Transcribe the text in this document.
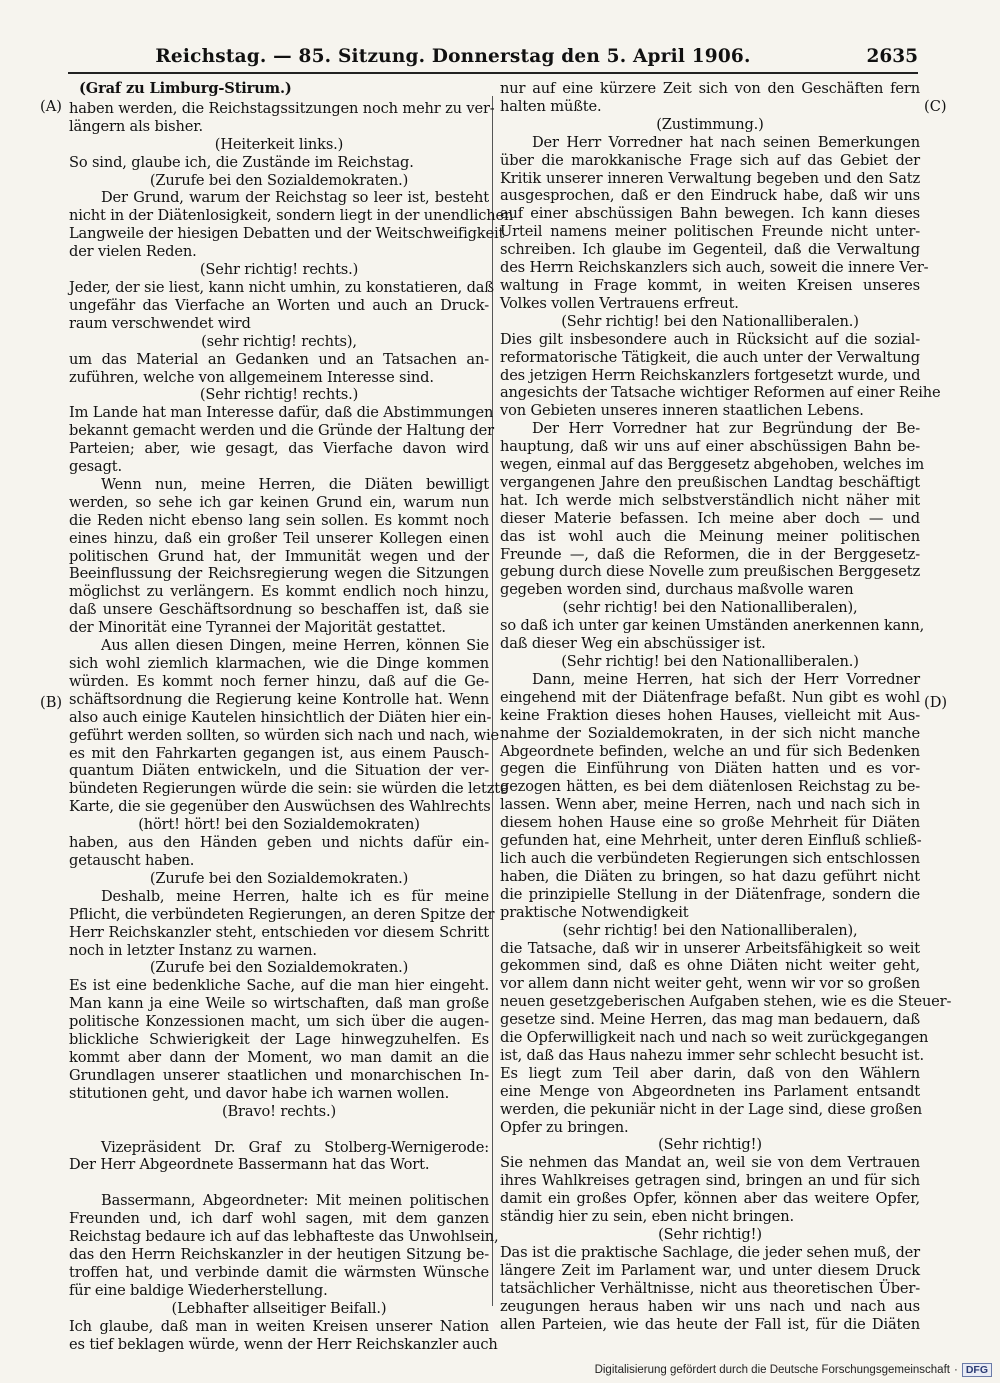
Reichstag. — 85. Sitzung. Donnerstag den 5. April 1906.	2635
(A)
(B)
(C)
(D)

(Graf zu Limburg-Stirum.)

haben werden, die Reichstagssitzungen noch mehr zu ver-

längern als bisher.

(Heiterkeit links.)

So sind, glaube ich, die Zustände im Reichstag.

(Zurufe bei den Sozialdemokraten.)

Der Grund, warum der Reichstag so leer ist, besteht

nicht in der Diätenlosigkeit, sondern liegt in der unendlichen

Langweile der hiesigen Debatten und der Weitschweifigkeit

der vielen Reden.

(Sehr richtig! rechts.)

Jeder, der sie liest, kann nicht umhin, zu konstatieren, daß

ungefähr das Vierfache an Worten und auch an Druck-

raum verschwendet wird

(sehr richtig! rechts),

um das Material an Gedanken und an Tatsachen an-

zuführen, welche von allgemeinem Interesse sind.

(Sehr richtig! rechts.)

Im Lande hat man Interesse dafür, daß die Abstimmungen

bekannt gemacht werden und die Gründe der Haltung der

Parteien; aber, wie gesagt, das Vierfache davon wird

gesagt.

Wenn nun, meine Herren, die Diäten bewilligt

werden, so sehe ich gar keinen Grund ein, warum nun

die Reden nicht ebenso lang sein sollen. Es kommt noch

eines hinzu, daß ein großer Teil unserer Kollegen einen

politischen Grund hat, der Immunität wegen und der

Beeinflussung der Reichsregierung wegen die Sitzungen

möglichst zu verlängern. Es kommt endlich noch hinzu,

daß unsere Geschäftsordnung so beschaffen ist, daß sie

der Minorität eine Tyrannei der Majorität gestattet.

Aus allen diesen Dingen, meine Herren, können Sie

sich wohl ziemlich klarmachen, wie die Dinge kommen

würden. Es kommt noch ferner hinzu, daß auf die Ge-

schäftsordnung die Regierung keine Kontrolle hat. Wenn

also auch einige Kautelen hinsichtlich der Diäten hier ein-

geführt werden sollten, so würden sich nach und nach, wie

es mit den Fahrkarten gegangen ist, aus einem Pausch-

quantum Diäten entwickeln, und die Situation der ver-

bündeten Regierungen würde die sein: sie würden die letzte

Karte, die sie gegenüber den Auswüchsen des Wahlrechts

(hört! hört! bei den Sozialdemokraten)

haben, aus den Händen geben und nichts dafür ein-

getauscht haben.

(Zurufe bei den Sozialdemokraten.)

Deshalb, meine Herren, halte ich es für meine

Pflicht, die verbündeten Regierungen, an deren Spitze der

Herr Reichskanzler steht, entschieden vor diesem Schritt

noch in letzter Instanz zu warnen.

(Zurufe bei den Sozialdemokraten.)

Es ist eine bedenkliche Sache, auf die man hier eingeht.

Man kann ja eine Weile so wirtschaften, daß man große

politische Konzessionen macht, um sich über die augen-

blickliche Schwierigkeit der Lage hinwegzuhelfen. Es

kommt aber dann der Moment, wo man damit an die

Grundlagen unserer staatlichen und monarchischen In-

stitutionen geht, und davor habe ich warnen wollen.

(Bravo! rechts.)

Vizepräsident Dr. Graf zu Stolberg-Wernigerode:

Der Herr Abgeordnete Bassermann hat das Wort.

Bassermann, Abgeordneter: Mit meinen politischen

Freunden und, ich darf wohl sagen, mit dem ganzen

Reichstag bedaure ich auf das lebhafteste das Unwohlsein,

das den Herrn Reichskanzler in der heutigen Sitzung be-

troffen hat, und verbinde damit die wärmsten Wünsche

für eine baldige Wiederherstellung.

(Lebhafter allseitiger Beifall.)

Ich glaube, daß man in weiten Kreisen unserer Nation

es tief beklagen würde, wenn der Herr Reichskanzler auch

nur auf eine kürzere Zeit sich von den Geschäften fern

halten müßte.

(Zustimmung.)

Der Herr Vorredner hat nach seinen Bemerkungen

über die marokkanische Frage sich auf das Gebiet der

Kritik unserer inneren Verwaltung begeben und den Satz

ausgesprochen, daß er den Eindruck habe, daß wir uns

auf einer abschüssigen Bahn bewegen. Ich kann dieses

Urteil namens meiner politischen Freunde nicht unter-

schreiben. Ich glaube im Gegenteil, daß die Verwaltung

des Herrn Reichskanzlers sich auch, soweit die innere Ver-

waltung in Frage kommt, in weiten Kreisen unseres

Volkes vollen Vertrauens erfreut.

(Sehr richtig! bei den Nationalliberalen.)

Dies gilt insbesondere auch in Rücksicht auf die sozial-

reformatorische Tätigkeit, die auch unter der Verwaltung

des jetzigen Herrn Reichskanzlers fortgesetzt wurde, und

angesichts der Tatsache wichtiger Reformen auf einer Reihe

von Gebieten unseres inneren staatlichen Lebens.

Der Herr Vorredner hat zur Begründung der Be-

hauptung, daß wir uns auf einer abschüssigen Bahn be-

wegen, einmal auf das Berggesetz abgehoben, welches im

vergangenen Jahre den preußischen Landtag beschäftigt

hat. Ich werde mich selbstverständlich nicht näher mit

dieser Materie befassen. Ich meine aber doch — und

das ist wohl auch die Meinung meiner politischen

Freunde —, daß die Reformen, die in der Berggesetz-

gebung durch diese Novelle zum preußischen Berggesetz

gegeben worden sind, durchaus maßvolle waren

(sehr richtig! bei den Nationalliberalen),

so daß ich unter gar keinen Umständen anerkennen kann,

daß dieser Weg ein abschüssiger ist.

(Sehr richtig! bei den Nationalliberalen.)

Dann, meine Herren, hat sich der Herr Vorredner

eingehend mit der Diätenfrage befaßt. Nun gibt es wohl

keine Fraktion dieses hohen Hauses, vielleicht mit Aus-

nahme der Sozialdemokraten, in der sich nicht manche

Abgeordnete befinden, welche an und für sich Bedenken

gegen die Einführung von Diäten hatten und es vor-

gezogen hätten, es bei dem diätenlosen Reichstag zu be-

lassen. Wenn aber, meine Herren, nach und nach sich in

diesem hohen Hause eine so große Mehrheit für Diäten

gefunden hat, eine Mehrheit, unter deren Einfluß schließ-

lich auch die verbündeten Regierungen sich entschlossen

haben, die Diäten zu bringen, so hat dazu geführt nicht

die prinzipielle Stellung in der Diätenfrage, sondern die

praktische Notwendigkeit

(sehr richtig! bei den Nationalliberalen),

die Tatsache, daß wir in unserer Arbeitsfähigkeit so weit

gekommen sind, daß es ohne Diäten nicht weiter geht,

vor allem dann nicht weiter geht, wenn wir vor so großen

neuen gesetzgeberischen Aufgaben stehen, wie es die Steuer-

gesetze sind. Meine Herren, das mag man bedauern, daß

die Opferwilligkeit nach und nach so weit zurückgegangen

ist, daß das Haus nahezu immer sehr schlecht besucht ist.

Es liegt zum Teil aber darin, daß von den Wählern

eine Menge von Abgeordneten ins Parlament entsandt

werden, die pekuniär nicht in der Lage sind, diese großen

Opfer zu bringen.

(Sehr richtig!)

Sie nehmen das Mandat an, weil sie von dem Vertrauen

ihres Wahlkreises getragen sind, bringen an und für sich

damit ein großes Opfer, können aber das weitere Opfer,

ständig hier zu sein, eben nicht bringen.

(Sehr richtig!)

Das ist die praktische Sachlage, die jeder sehen muß, der

längere Zeit im Parlament war, und unter diesem Druck

tatsächlicher Verhältnisse, nicht aus theoretischen Über-

zeugungen heraus haben wir uns nach und nach aus

allen Parteien, wie das heute der Fall ist, für die Diäten

Digitalisierung gefördert durch die Deutsche Forschungsgemeinschaft · DFG
